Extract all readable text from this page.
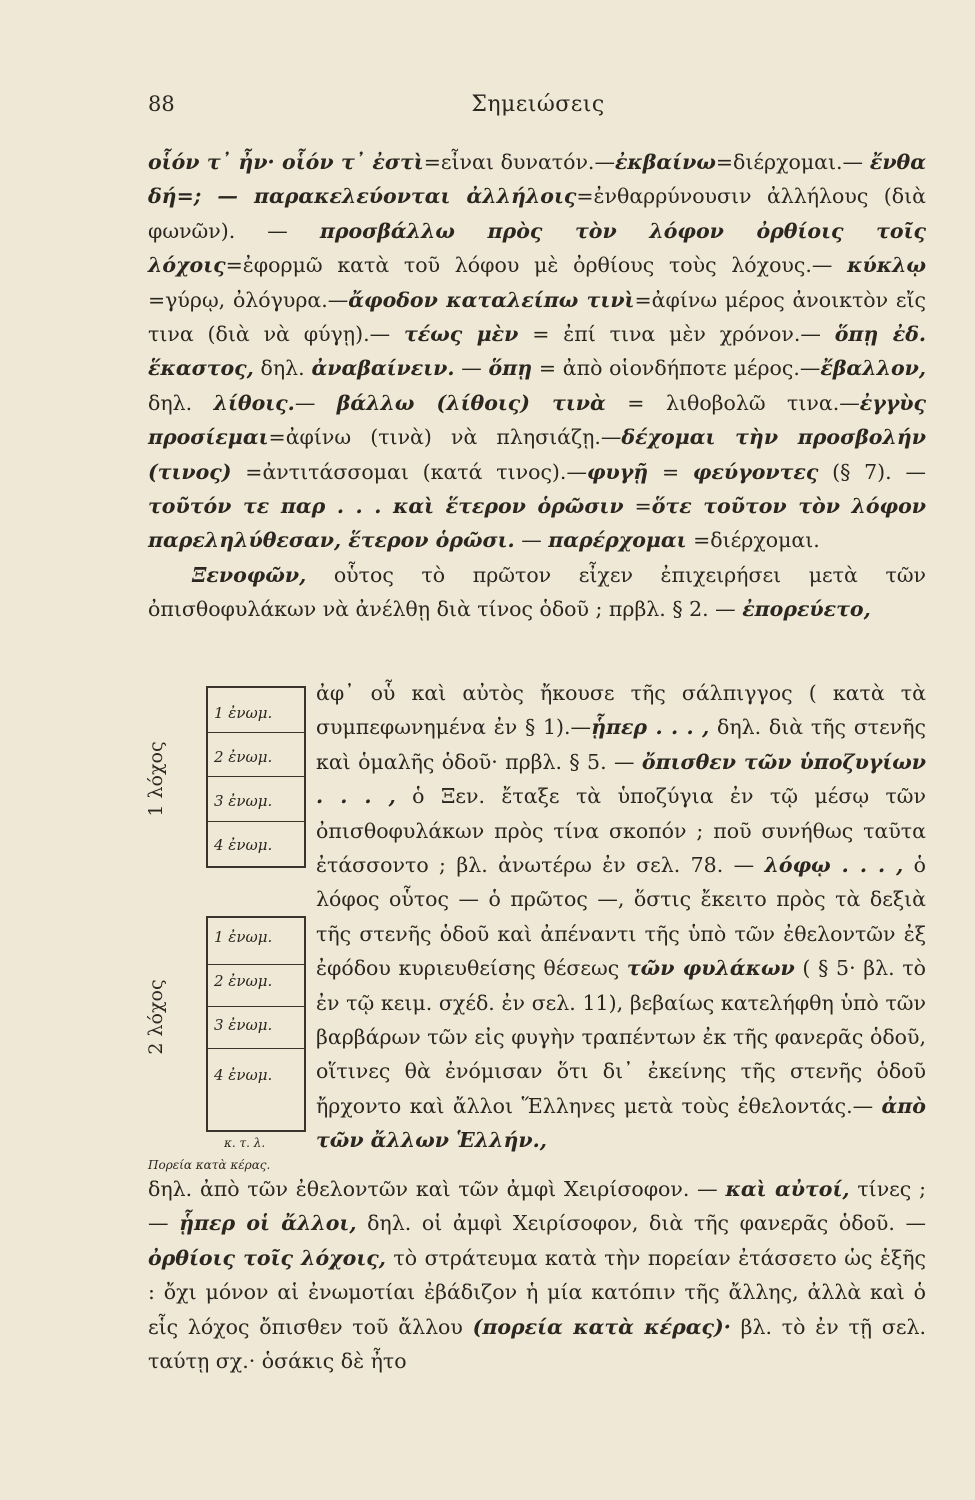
88	Σημειώσεις

οἷόν τ᾽ ἦν· οἷόν τ᾽ ἐστὶ=εἶναι δυνατόν.—ἐκβαίνω=διέρχομαι.— ἔνθα δή=; — παρακελεύονται ἀλλήλοις=ἐνθαρρύνουσιν ἀλλήλους (διὰ φωνῶν). — προσβάλλω πρὸς τὸν λόφον ὀρθίοις τοῖς λόχοις=ἐφορμῶ κατὰ τοῦ λόφου μὲ ὀρθίους τοὺς λόχους.— κύκλῳ =γύρῳ, ὀλόγυρα.—ἄφοδον καταλείπω τινὶ=ἀφίνω μέρος ἀνοικτὸν εἴς τινα (διὰ νὰ φύγῃ).— τέως μὲν = ἐπί τινα μὲν χρόνον.— ὅπῃ ἐδ. ἕκαστος, δηλ. ἀναβαίνειν. — ὅπῃ = ἀπὸ οἱονδήποτε μέρος.—ἔβαλλον, δηλ. λίθοις.— βάλλω (λίθοις) τινὰ = λιθοβολῶ τινα.—ἐγγὺς προσίεμαι=ἀφίνω (τινὰ) νὰ πλησιάζῃ.—δέχομαι τὴν προσβολήν (τινος) =ἀντιτάσσομαι (κατά τινος).—φυγῇ = φεύγοντες (§ 7). — τοῦτόν τε παρ . . . καὶ ἕτερον ὁρῶσιν =ὅτε τοῦτον τὸν λόφον παρεληλύθεσαν, ἕτερον ὁρῶσι. — παρέρχομαι =διέρχομαι.

Ξενοφῶν, οὗτος τὸ πρῶτον εἶχεν ἐπιχειρήσει μετὰ τῶν ὀπισθοφυλάκων νὰ ἀνέλθῃ διὰ τίνος ὁδοῦ ; πρβλ. § 2. — ἐπορεύετο,

1 λόχος
2 λόχος
1 ἐνωμ.
2 ἐνωμ.
3 ἐνωμ.
4 ἐνωμ.
1 ἐνωμ.
2 ἐνωμ.
3 ἐνωμ.
4 ἐνωμ.
κ. τ. λ.
Πορεία κατὰ κέρας.
ἀφ᾽ οὗ καὶ αὐτὸς ἤκουσε τῆς σάλπιγγος ( κατὰ τὰ συμπεφωνημένα ἐν § 1).—ᾗπερ . . . , δηλ. διὰ τῆς στενῆς καὶ ὁμαλῆς ὁδοῦ· πρβλ. § 5. — ὄπισθεν τῶν ὑποζυγίων . . . , ὁ Ξεν. ἔταξε τὰ ὑποζύγια ἐν τῷ μέσῳ τῶν ὀπισθοφυλάκων πρὸς τίνα σκοπόν ; ποῦ συνήθως ταῦτα ἐτάσσοντο ; βλ. ἀνωτέρω ἐν σελ. 78. — λόφῳ . . . , ὁ λόφος οὗτος — ὁ πρῶτος —, ὅστις ἔκειτο πρὸς τὰ δεξιὰ τῆς στενῆς ὁδοῦ καὶ ἀπέναντι τῆς ὑπὸ τῶν ἐθελοντῶν ἐξ ἐφόδου κυριευθείσης θέσεως τῶν φυλάκων ( § 5· βλ. τὸ ἐν τῷ κειμ. σχέδ. ἐν σελ. 11), βεβαίως κατελήφθη ὑπὸ τῶν βαρβάρων τῶν εἰς φυγὴν τραπέντων ἐκ τῆς φανερᾶς ὁδοῦ, οἵτινες θὰ ἐνόμισαν ὅτι δι᾽ ἐκείνης τῆς στενῆς ὁδοῦ ἤρχοντο καὶ ἄλλοι Ἕλληνες μετὰ τοὺς ἐθελοντάς.— ἀπὸ τῶν ἄλλων Ἑλλήν.,
δηλ. ἀπὸ τῶν ἐθελοντῶν καὶ τῶν ἀμφὶ Χειρίσοφον. — καὶ αὐτοί, τίνες ; — ᾗπερ οἱ ἄλλοι, δηλ. οἱ ἀμφὶ Χειρίσοφον, διὰ τῆς φανερᾶς ὁδοῦ. — ὀρθίοις τοῖς λόχοις, τὸ στράτευμα κατὰ τὴν πορείαν ἐτάσσετο ὡς ἑξῆς : ὄχι μόνον αἱ ἐνωμοτίαι ἐβάδιζον ἡ μία κατόπιν τῆς ἄλλης, ἀλλὰ καὶ ὁ εἷς λόχος ὄπισθεν τοῦ ἄλλου (πορεία κατὰ κέρας)· βλ. τὸ ἐν τῇ σελ. ταύτῃ σχ.· ὁσάκις δὲ ἦτο
